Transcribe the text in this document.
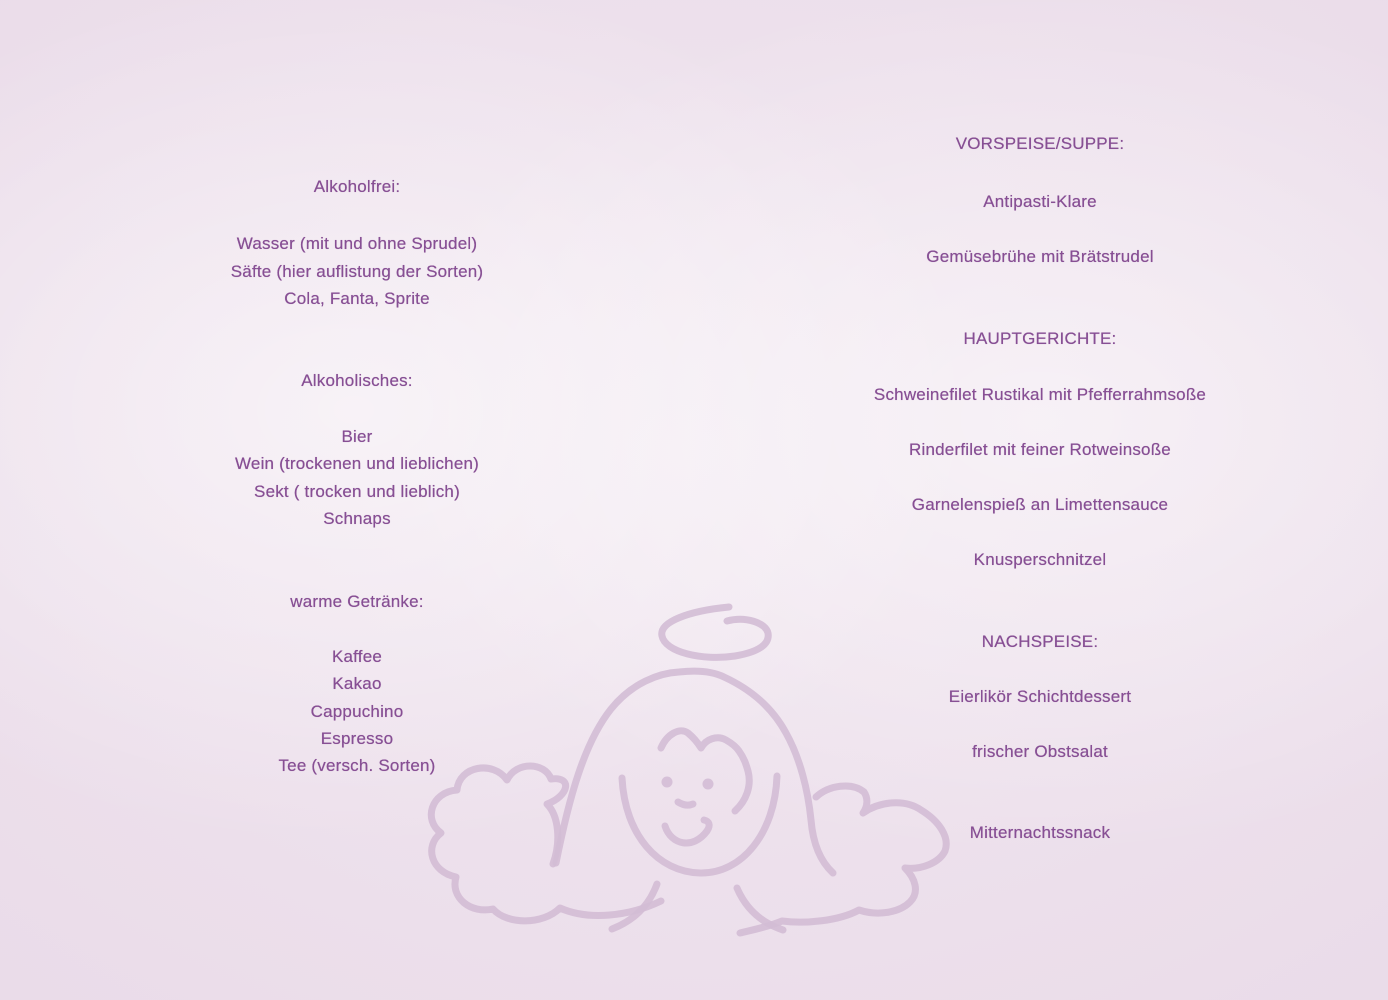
Alkoholfrei:
Wasser (mit und ohne Sprudel)
Säfte (hier auflistung der Sorten)
Cola, Fanta, Sprite
Alkoholisches:
Bier
Wein (trockenen und lieblichen)
Sekt ( trocken und lieblich)
Schnaps
warme Getränke:
Kaffee
Kakao
Cappuchino
Espresso
Tee (versch. Sorten)
VORSPEISE/SUPPE:
Antipasti-Klare
Gemüsebrühe mit Brätstrudel
HAUPTGERICHTE:
Schweinefilet Rustikal mit Pfefferrahmsoße
Rinderfilet mit feiner Rotweinsoße
Garnelenspieß an Limettensauce
Knusperschnitzel
NACHSPEISE:
Eierlikör Schichtdessert
frischer Obstsalat
Mitternachtssnack
